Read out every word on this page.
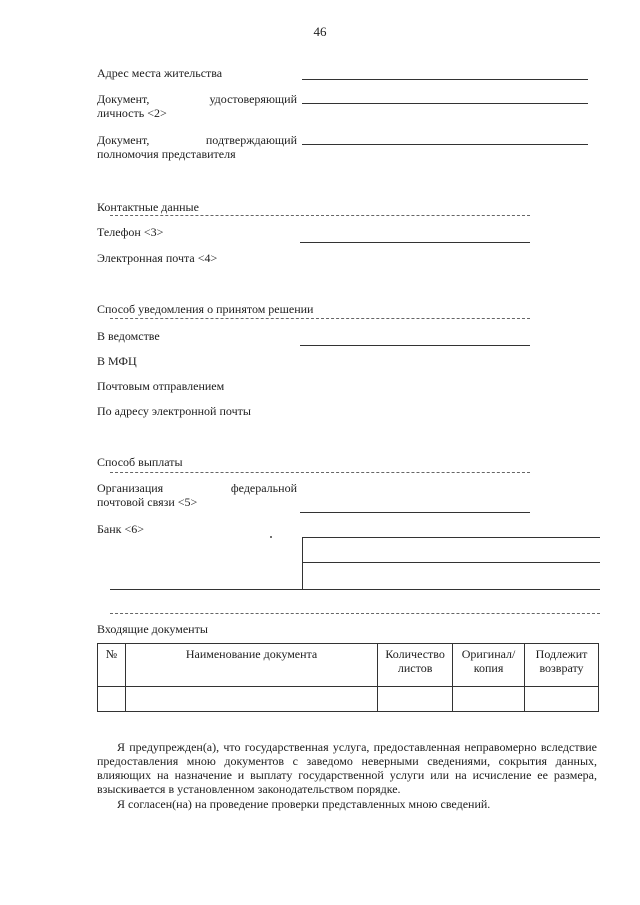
46
Адрес места жительства
Документ,	удостоверяющий
личность <2>
Документ,	подтверждающий
полномочия представителя
Контактные данные
Телефон <3>
Электронная почта <4>
Способ уведомления о принятом решении
В ведомстве
В МФЦ
Почтовым отправлением
По адресу электронной почты
Способ выплаты
Организация	федеральной
почтовой связи <5>
Банк <6>
Входящие документы
№	Наименование документа	Количество листов	Оригинал/ копия	Подлежит возврату

Я предупрежден(а), что государственная услуга, предоставленная неправомерно вследствие предоставления мною документов с заведомо неверными сведениями, сокрытия данных, влияющих на назначение и выплату государственной услуги или на исчисление ее размера, взыскивается в установленном законодательством порядке.
Я согласен(на) на проведение проверки представленных мною сведений.
